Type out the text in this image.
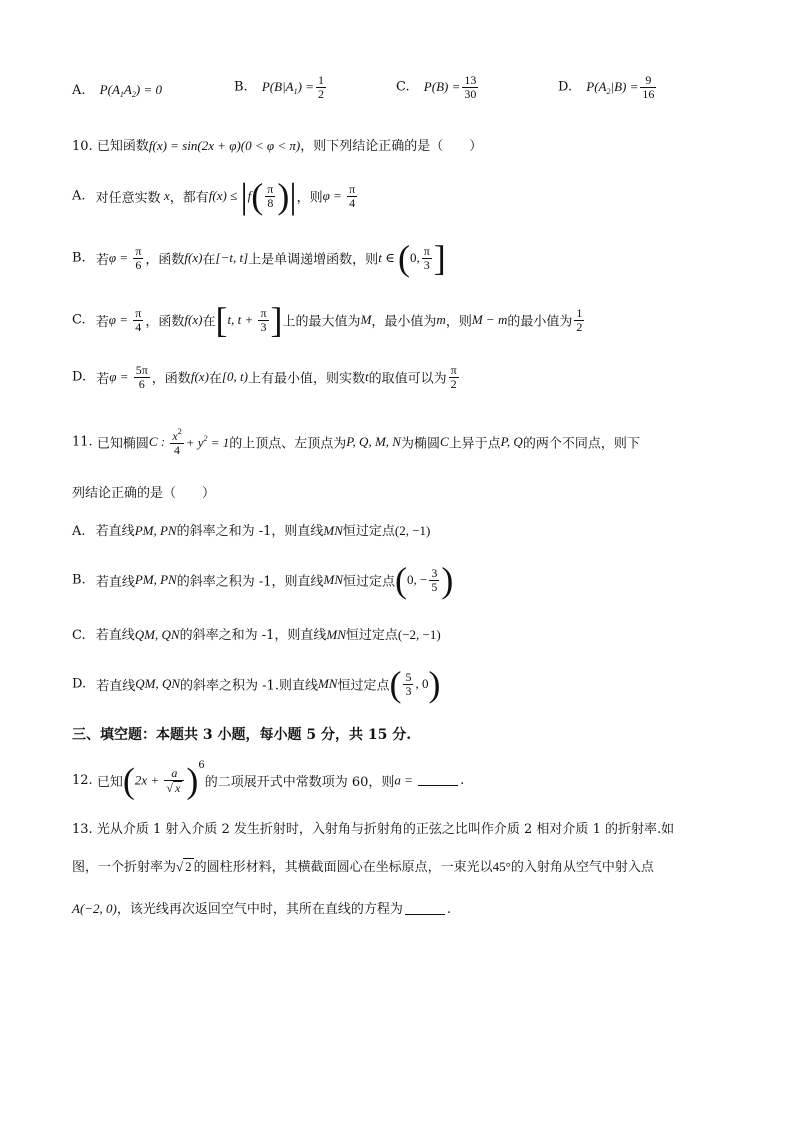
A. $P(A_1A_2) = 0$	B. $P(B|A_1) = \frac{1}{2}$	C. $P(B) = \frac{13}{30}$	D. $P(A_2|B) = \frac{9}{16}$
10. 已知函数f(x) = sin(2x + φ)(0 < φ < π)，则下列结论正确的是（　　）
A. 对任意实数 x，都有$f(x) \le |f( \frac{\pi}{8}$ )|，则$\varphi = \frac{\pi}{4}$
B. 若$\varphi = \frac{\pi}{6}$ ，函数f(x)在[−t, t]上是单调递增函数，则t ∈ (0, $\frac{\pi}{3}$ ]
C. 若$\varphi = \frac{\pi}{4}$ ，函数f(x)在[t, $t + \frac{\pi}{3}$ ]上的最大值为M，最小值为m，则M − m的最小值为 $\frac{1}{2}$
D. 若$\varphi = \frac{5\pi}{6}$ ，函数f(x)在[0, t)上有最小值，则实数t的取值可以为 $\frac{\pi}{2}$
11. 已知椭圆C : $\frac{x^2}{4} + y^2 = 1$的上顶点、左顶点为P, Q, M, N为椭圆C上异于点P, Q的两个不同点，则下
列结论正确的是（　　）
A. 若直线PM, PN的斜率之和为 -1，则直线MN恒过定点(2, −1)
B. 若直线PM, PN的斜率之积为 -1，则直线MN恒过定点(0, − $\frac{3}{5}$ )
C. 若直线QM, QN的斜率之和为 -1，则直线MN恒过定点(−2, −1)
D. 若直线QM, QN的斜率之积为 -1.则直线MN恒过定点( $\frac{5}{3}$ , 0)
三、填空题：本题共 3 小题，每小题 5 分，共 15 分.
12. 已知$(2x + \frac{a}{√ x} )^6$的二项展开式中常数项为 60，则a =	.
13. 光从介质 1 射入介质 2 发生折射时，入射角与折射角的正弦之比叫作介质 2 相对介质 1 的折射率.如
图，一个折射率为√ 2 的圆柱形材料，其横截面圆心在坐标原点，一束光以45°的入射角从空气中射入点
A(−2, 0)，该光线再次返回空气中时，其所在直线的方程为	.
